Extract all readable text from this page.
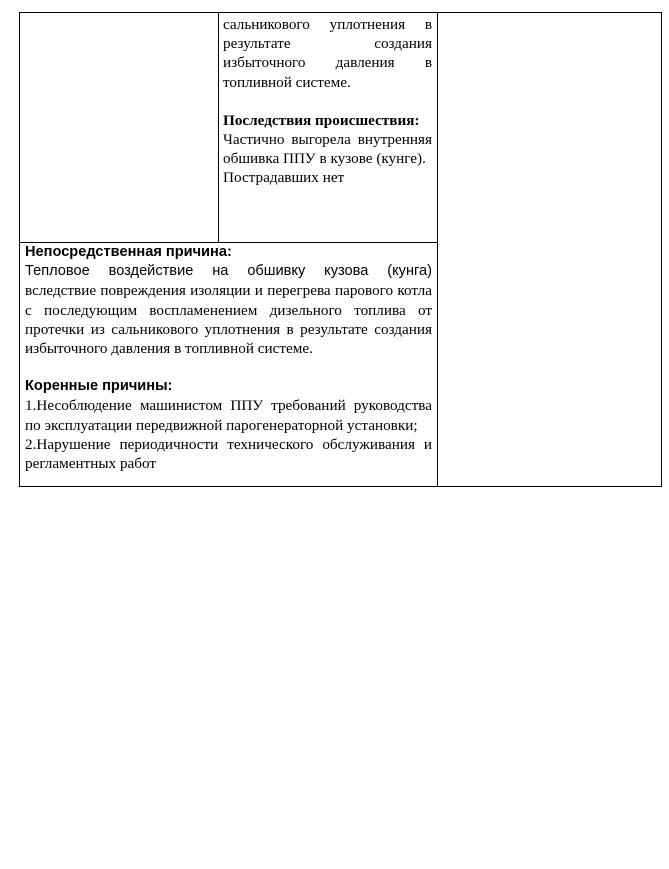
сальникового уплотнения в результате создания избыточного давления в топливной системе.

Последствия происшествия:

Частично выгорела внутренняя обшивка ППУ в кузове (кунге).

Пострадавших нет

Непосредственная причина:

Тепловое воздействие на обшивку кузова (кунга)

вследствие повреждения изоляции и перегрева парового котла с последующим воспламенением дизельного топлива от протечки из сальникового уплотнения в результате создания избыточного давления в топливной системе.

Коренные причины:

1.Несоблюдение машинистом ППУ требований руководства по эксплуатации передвижной парогенераторной установки;

2.Нарушение периодичности технического обслуживания и регламентных работ
